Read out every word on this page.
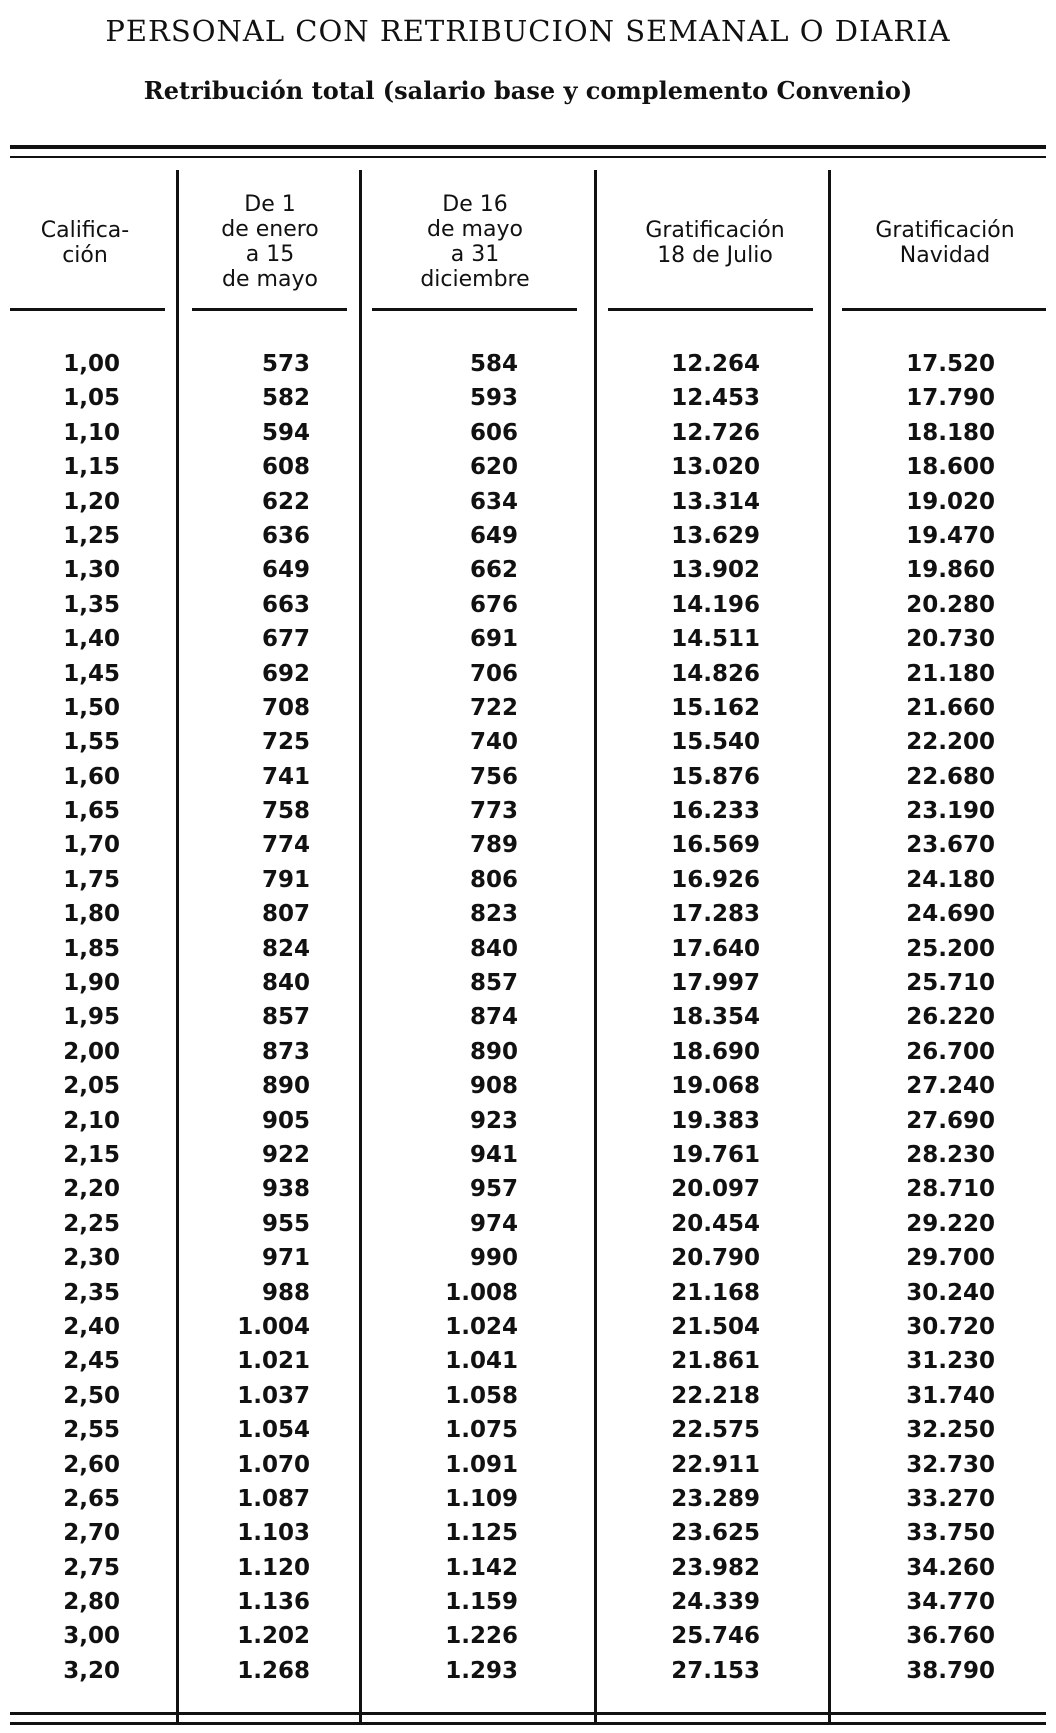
PERSONAL CON RETRIBUCION SEMANAL O DIARIA
Retribución total (salario base y complemento Convenio)
Califica-
ción
De 1
de enero
a 15
de mayo
De 16
de mayo
a 31
diciembre
Gratificación
18 de Julio
Gratificación
Navidad
1,00	573	584	12.264	17.520
1,05	582	593	12.453	17.790
1,10	594	606	12.726	18.180
1,15	608	620	13.020	18.600
1,20	622	634	13.314	19.020
1,25	636	649	13.629	19.470
1,30	649	662	13.902	19.860
1,35	663	676	14.196	20.280
1,40	677	691	14.511	20.730
1,45	692	706	14.826	21.180
1,50	708	722	15.162	21.660
1,55	725	740	15.540	22.200
1,60	741	756	15.876	22.680
1,65	758	773	16.233	23.190
1,70	774	789	16.569	23.670
1,75	791	806	16.926	24.180
1,80	807	823	17.283	24.690
1,85	824	840	17.640	25.200
1,90	840	857	17.997	25.710
1,95	857	874	18.354	26.220
2,00	873	890	18.690	26.700
2,05	890	908	19.068	27.240
2,10	905	923	19.383	27.690
2,15	922	941	19.761	28.230
2,20	938	957	20.097	28.710
2,25	955	974	20.454	29.220
2,30	971	990	20.790	29.700
2,35	988	1.008	21.168	30.240
2,40	1.004	1.024	21.504	30.720
2,45	1.021	1.041	21.861	31.230
2,50	1.037	1.058	22.218	31.740
2,55	1.054	1.075	22.575	32.250
2,60	1.070	1.091	22.911	32.730
2,65	1.087	1.109	23.289	33.270
2,70	1.103	1.125	23.625	33.750
2,75	1.120	1.142	23.982	34.260
2,80	1.136	1.159	24.339	34.770
3,00	1.202	1.226	25.746	36.760
3,20	1.268	1.293	27.153	38.790
